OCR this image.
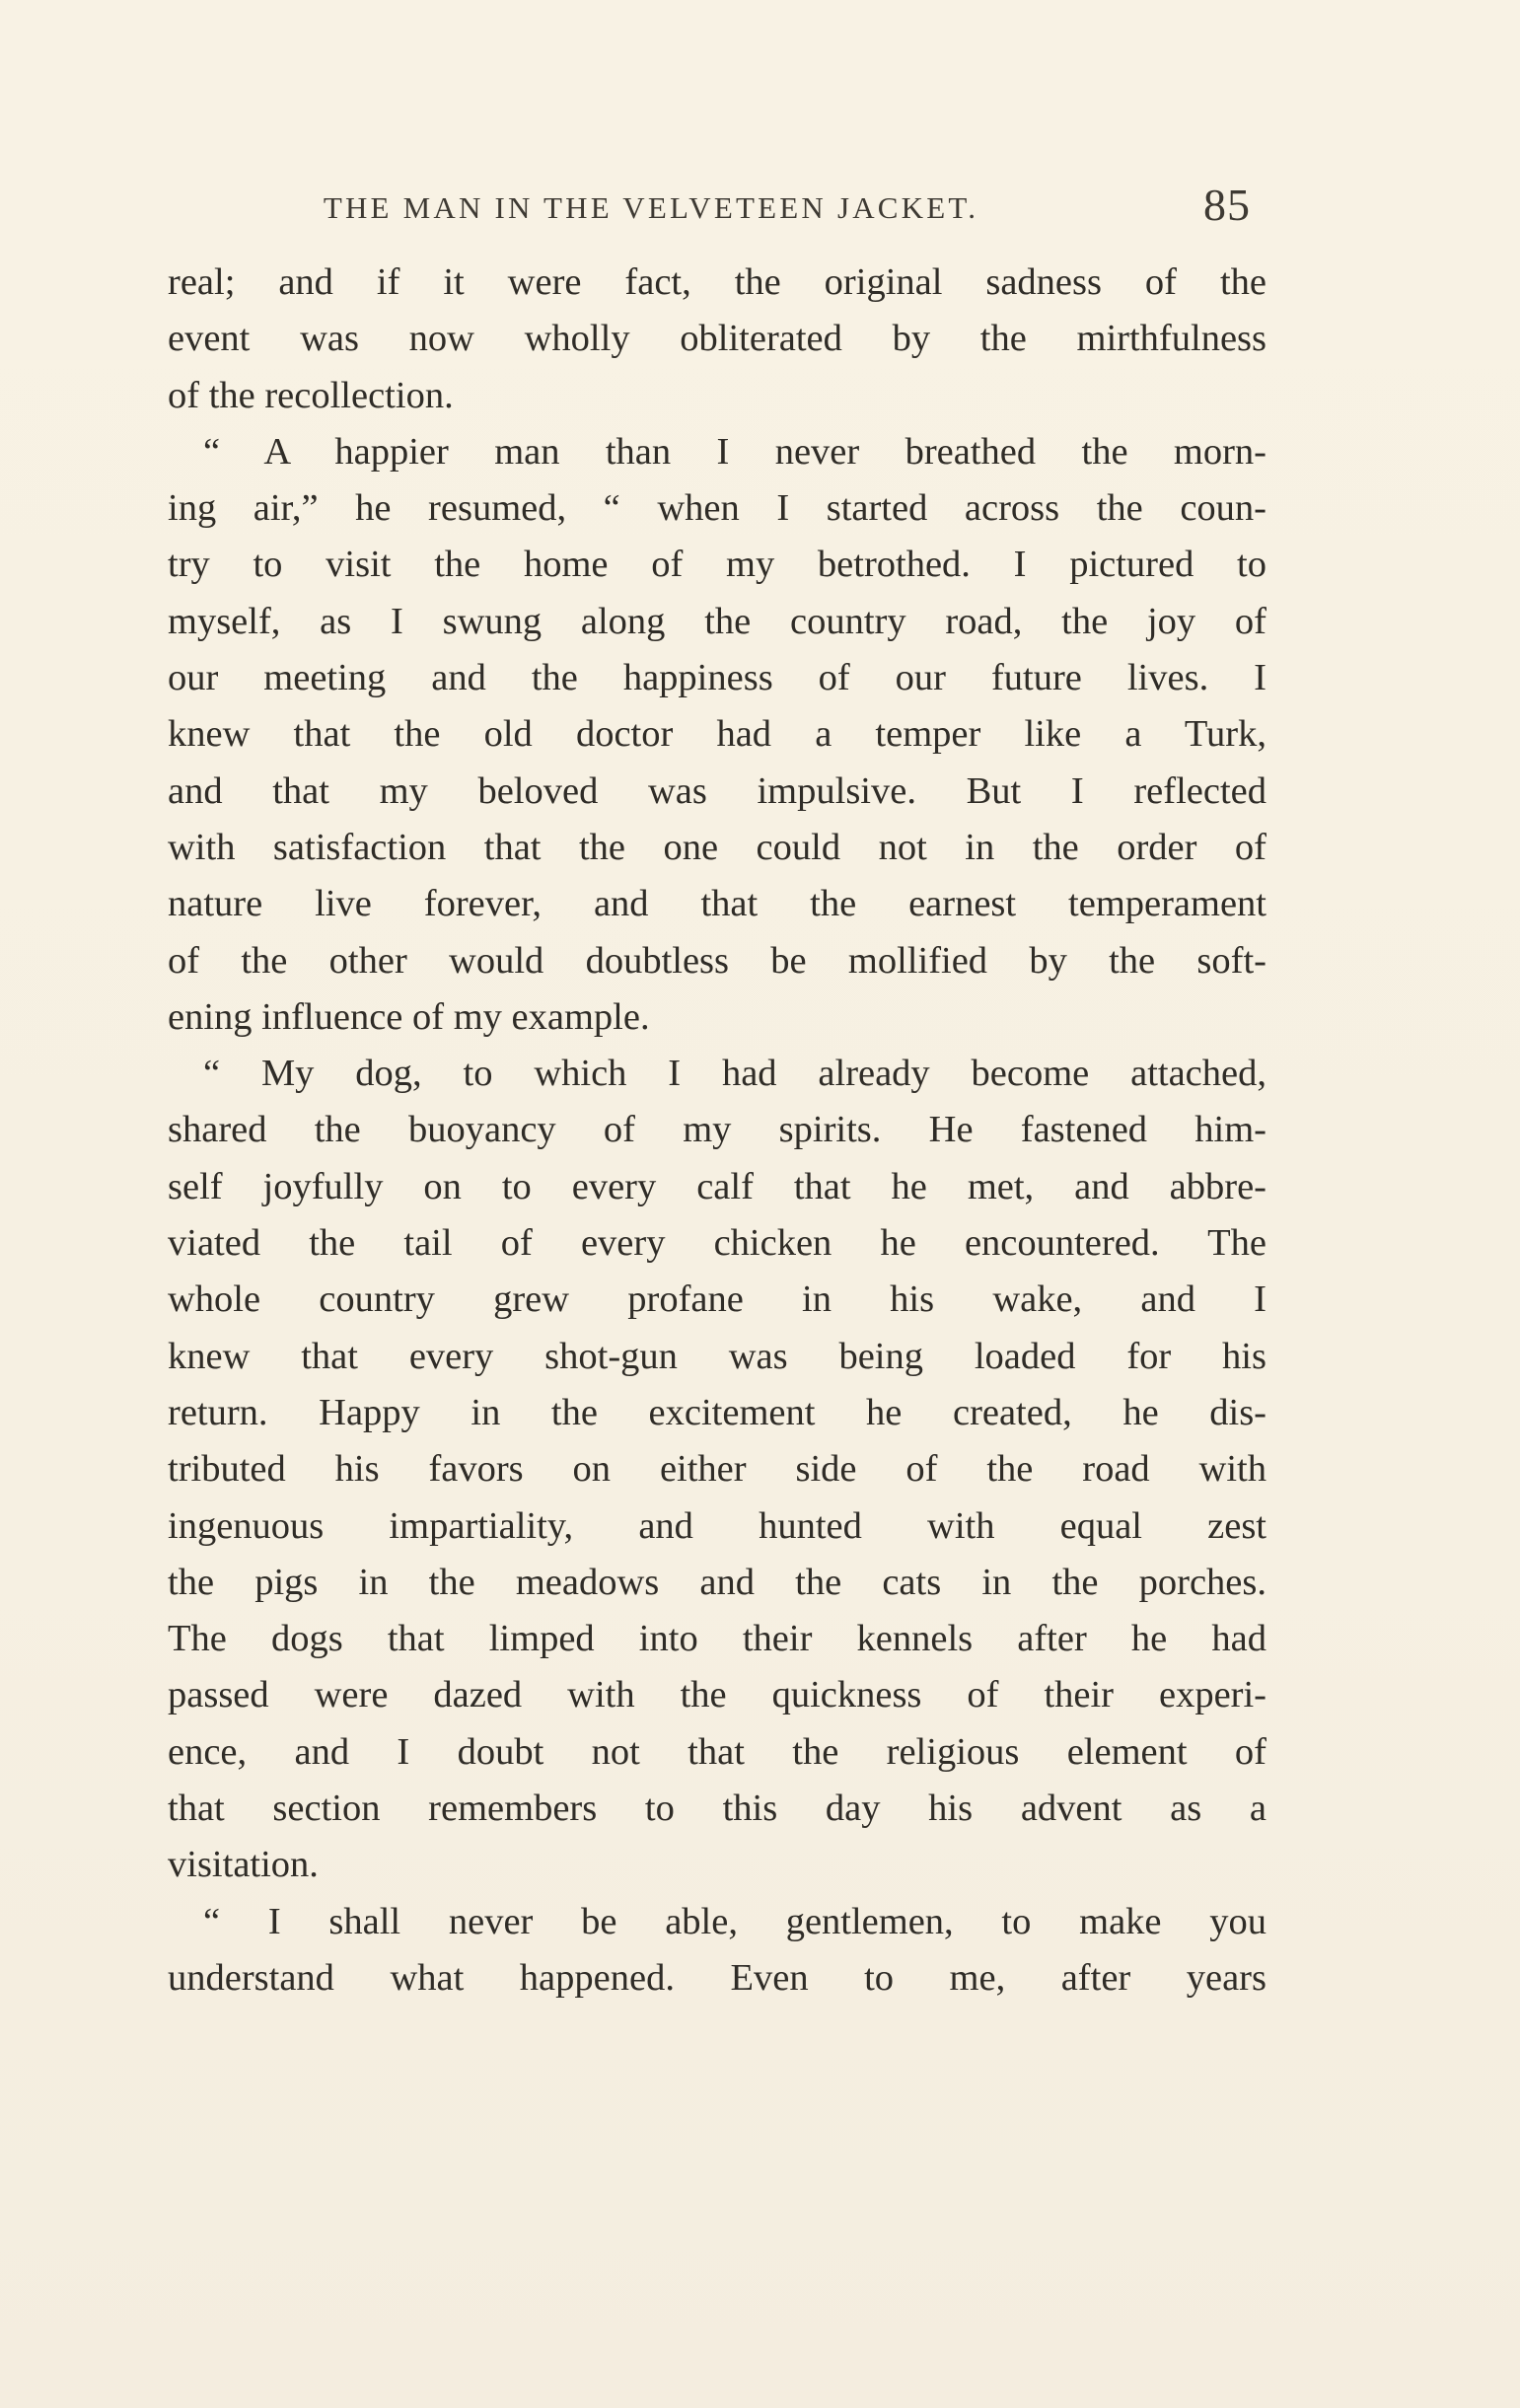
THE MAN IN THE VELVETEEN JACKET.	85
real; and if it were fact, the original sadness of the
event was now wholly obliterated by the mirthfulness
of the recollection.
“ A happier man than I never breathed the morn-
ing air,” he resumed, “ when I started across the coun-
try to visit the home of my betrothed. I pictured to
myself, as I swung along the country road, the joy of
our meeting and the happiness of our future lives. I
knew that the old doctor had a temper like a Turk,
and that my beloved was impulsive. But I reflected
with satisfaction that the one could not in the order of
nature live forever, and that the earnest temperament
of the other would doubtless be mollified by the soft-
ening influence of my example.
“ My dog, to which I had already become attached,
shared the buoyancy of my spirits. He fastened him-
self joyfully on to every calf that he met, and abbre-
viated the tail of every chicken he encountered. The
whole country grew profane in his wake, and I
knew that every shot-gun was being loaded for his
return. Happy in the excitement he created, he dis-
tributed his favors on either side of the road with
ingenuous impartiality, and hunted with equal zest
the pigs in the meadows and the cats in the porches.
The dogs that limped into their kennels after he had
passed were dazed with the quickness of their experi-
ence, and I doubt not that the religious element of
that section remembers to this day his advent as a
visitation.
“ I shall never be able, gentlemen, to make you
understand what happened. Even to me, after years
